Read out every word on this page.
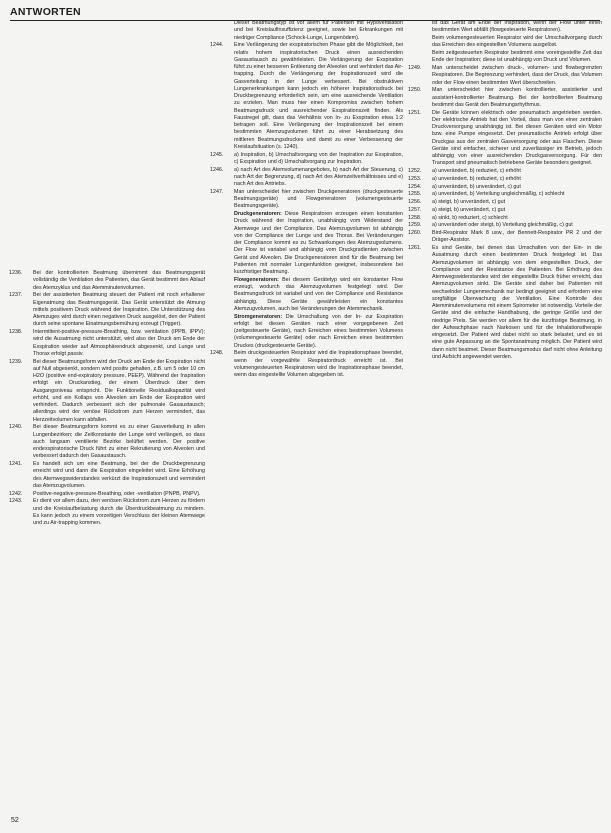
ANTWORTEN
1236.	Bei der kontrollierten Beatmung übernimmt das Beatmungsgerät vollständig die Ventilation des Patienten, das Gerät bestimmt den Ablauf des Atemzyklus und das Atemminutenvolumen.
1237.	Bei der assistierten Beatmung steuert der Patient mit noch erhaltener Eigenatmung das Beatmungsgerät. Das Gerät unterstützt die Atmung mittels positivem Druck während der Inspiration. Die Unterstützung des Atemzuges wird durch einen negativen Druck ausgelöst, den der Patient durch seine spontane Einatmungsbemühung erzeugt (Trigger).
1238.	Intermittent-positive-pressure-Breathing, bzw. ventilation (IPPB, IPPV); wird die Ausatmung nicht unterstützt, wird also der Druck am Ende der Exspiration wieder auf Atmosphärendruck abgesenkt, und Lunge und Thorax erfolgt passiv.
1239.	Bei dieser Beatmungsform wird der Druck am Ende der Exspiration nicht auf Null abgesenkt, sondern wird positiv gehalten, z.B. um 5 oder 10 cm H2O (positive end-expiratory pressure, PEEP). Während der Inspiration erfolgt ein Druckanstieg, der einem Überdruck über dem Ausgangsniveau entspricht. Die Funktionelle Residualkapazität wird erhöht, und ein Kollaps von Alveolen am Ende der Exspiration wird verhindert. Dadurch verbessert sich der pulmonale Gasaustausch; allerdings wird der venöse Rückstrom zum Herzen vermindert, das Herzzeitvolumen kann abfallen.
1240.	Bei dieser Beatmungsform kommt es zu einer Gasverteilung in allen Lungenbezirken; die Zeitkonstante der Lunge wird verlängert, so dass auch langsam ventilierte Bezirke belüftet werden. Der positive endexspiratorische Druck führt zu einer Rekrutierung von Alveolen und verbessert dadurch den Gasaustausch.
1241.	Es handelt sich um eine Beatmung, bei der die Druckbegrenzung erreicht wird und dann die Exspiration eingeleitet wird. Eine Erhöhung des Atemwegswiderstandes verkürzt die Inspirationszeit und vermindert das Atemzugvolumen.
1242.	Positive-negative-pressure-Breathing, oder -ventilation (PNPB, PNPV).
1243.	Er dient vor allem dazu, den venösen Rückstrom zum Herzen zu fördern und die Kreislaufbelastung durch die Überdruckbeatmung zu mindern. Es kann jedoch zu einem vorzeitigen Verschluss der kleinen Atemwege und zu Air-trapping kommen.
Dieser Beatmungstyp ist vor allem für Patienten mit Hypoventilation und bei Kreislaufinsuffizienz geeignet, sowie bei Erkrankungen mit niedriger Compliance (Schock-Lunge, Lungenödem).
1244.	Eine Verlängerung der exspiratorischen Phase gibt die Möglichkeit, bei relativ hohem inspiratorischen Druck einen ausreichenden Gasaustausch zu gewährleisten. Die Verlängerung der Exspiration führt zu einer besseren Entleerung der Alveolen und verhindert das Air-trapping. Durch die Verlängerung der Inspirationszeit wird die Gasverteilung in der Lunge verbessert. Bei obstruktiven Lungenerkrankungen kann jedoch ein höherer Inspirationsdruck bei Druckbegrenzung erforderlich sein, um eine ausreichende Ventilation zu erzielen. Man muss hier einen Kompromiss zwischen hohem Beatmungsdruck und ausreichender Exspirationszeit finden. Als Faustregel gilt, dass das Verhältnis von In- zu Exspiration etwa 1:2 betragen soll. Eine Verlängerung der Inspirationszeit bei einem bestimmten Atemzugvolumen führt zu einer Herabsetzung des mittleren Beatmungsdruckes und damit zu einer Verbesserung der Kreislaufsituation (s. 1240).
1245.	a) Inspiration, b) Umschaltvorgang von der Inspiration zur Exspiration, c) Exspiration und d) Umschaltvorgang zur Inspiration.
1246.	a) nach Art des Atemvolumenangebotes, b) nach Art der Steuerung, c) nach Art der Begrenzung, d) nach Art des Atemzeitverhältnisses und e) nach Art des Antriebs.
1247.	Man unterscheidet hier zwischen Druckgeneratoren (druckgesteuerte Beatmungsgeräte) und Flowgeneratoren (volumengesteuerte Beatmungsgeräte).
Druckgeneratoren: Diese Respiratoren erzeugen einen konstanten Druck während der Inspiration, unabhängig vom Widerstand der Atemwege und der Compliance. Das Atemzugvolumen ist abhängig von der Compliance der Lunge und des Thorax. Bei Veränderungen der Compliance kommt es zu Schwankungen des Atemzugvolumens. Der Flow ist variabel und abhängig vom Druckgradienten zwischen Gerät und Alveolen. Die Druckgeneratoren sind für die Beatmung bei Patienten mit normaler Lungenfunktion geeignet, insbesondere bei kurzfristiger Beatmung.
Flowgeneratoren: Bei diesem Gerätetyp wird ein konstanter Flow erzeugt, wodurch das Atemzugvolumen festgelegt wird. Der Beatmungsdruck ist variabel und von der Compliance und Resistance abhängig. Diese Geräte gewährleisten ein konstantes Atemzugvolumen, auch bei Veränderungen der Atemmechanik.
Stromgeneratoren: Die Umschaltung von der In- zur Exspiration erfolgt bei diesen Geräten nach einer vorgegebenen Zeit (zeitgesteuerte Geräte), nach Erreichen eines bestimmten Volumens (volumengesteuerte Geräte) oder nach Erreichen eines bestimmten Druckes (druckgesteuerte Geräte).
1248.	Beim druckgesteuerten Respirator wird die Inspirationsphase beendet, wenn der vorgewählte Respiratordruck erreicht ist. Bei volumengesteuerten Respiratoren wird die Inspirationsphase beendet, wenn das eingestellte Volumen abgegeben ist.
ist das Gerät am Ende der Inspiration, wenn der Flow unter einen bestimmten Wert abfällt (flowgesteuerte Respiratoren).
Beim volumengesteuerten Respirator wird der Umschaltvorgang durch das Erreichen des eingestellten Volumens ausgelöst.
Beim zeitgesteuerten Respirator bestimmt eine voreingestellte Zeit das Ende der Inspiration; diese ist unabhängig von Druck und Volumen.
1249.	Man unterscheidet zwischen druck-, volumen- und flowbegrenzten Respiratoren. Die Begrenzung verhindert, dass der Druck, das Volumen oder der Flow einen bestimmten Wert überschreiten.
1250.	Man unterscheidet hier zwischen kontrollierter, assistierter und assistiert-kontrollierter Beatmung. Bei der kontrollierten Beatmung bestimmt das Gerät den Beatmungsrhythmus.
1251.	Die Geräte können elektrisch oder pneumatisch angetrieben werden. Der elektrische Antrieb hat den Vorteil, dass man von einer zentralen Druckversorgung unabhängig ist. Bei diesen Geräten wird ein Motor bzw. eine Pumpe eingesetzt. Der pneumatische Antrieb erfolgt über Druckgas aus der zentralen Gasversorgung oder aus Flaschen. Diese Geräte sind einfacher, sicherer und zuverlässiger im Betrieb, jedoch abhängig von einer ausreichenden Druckgasversorgung. Für den Transport sind pneumatisch betriebene Geräte besonders geeignet.
1252.	a) unverändert, b) reduziert, c) erhöht
1253.	a) unverändert, b) reduziert, c) erhöht
1254.	a) unverändert, b) unverändert, c) gut
1255.	a) unverändert, b) Verteilung ungleichmäßig, c) schlecht
1256.	a) steigt, b) unverändert, c) gut
1257.	a) steigt, b) unverändert, c) gut
1258.	a) sinkt, b) reduziert, c) schlecht
1259.	a) unverändert oder steigt, b) Verteilung gleichmäßig, c) gut
1260.	Bird-Respirator Mark 8 usw., der Bennett-Respirator PR 2 und der Dräger-Assistor.
1261.	Es sind Geräte, bei denen das Umschalten von der Ein- in die Ausatmung durch einen bestimmten Druck festgelegt ist. Das Atemzugvolumen ist abhängig von dem eingestellten Druck, der Compliance und der Resistance des Patienten. Bei Erhöhung des Atemwegswiderstandes wird der eingestellte Druck früher erreicht, das Atemzugvolumen sinkt. Die Geräte sind daher bei Patienten mit wechselnder Lungenmechanik nur bedingt geeignet und erfordern eine sorgfältige Überwachung der Ventilation. Eine Kontrolle des Atemminutenvolumens mit einem Spirometer ist notwendig. Vorteile der Geräte sind die einfache Handhabung, die geringe Größe und der niedrige Preis. Sie werden vor allem für die kurzfristige Beatmung, in der Aufwachphase nach Narkosen und für die Inhalationstherapie eingesetzt. Der Patient wird dabei nicht so stark belastet, und es ist eine gute Anpassung an die Spontanatmung möglich. Der Patient wird dann nicht beatmet. Dieser Beatmungsmodus darf nicht ohne Anleitung und Aufsicht angewendet werden.
52
